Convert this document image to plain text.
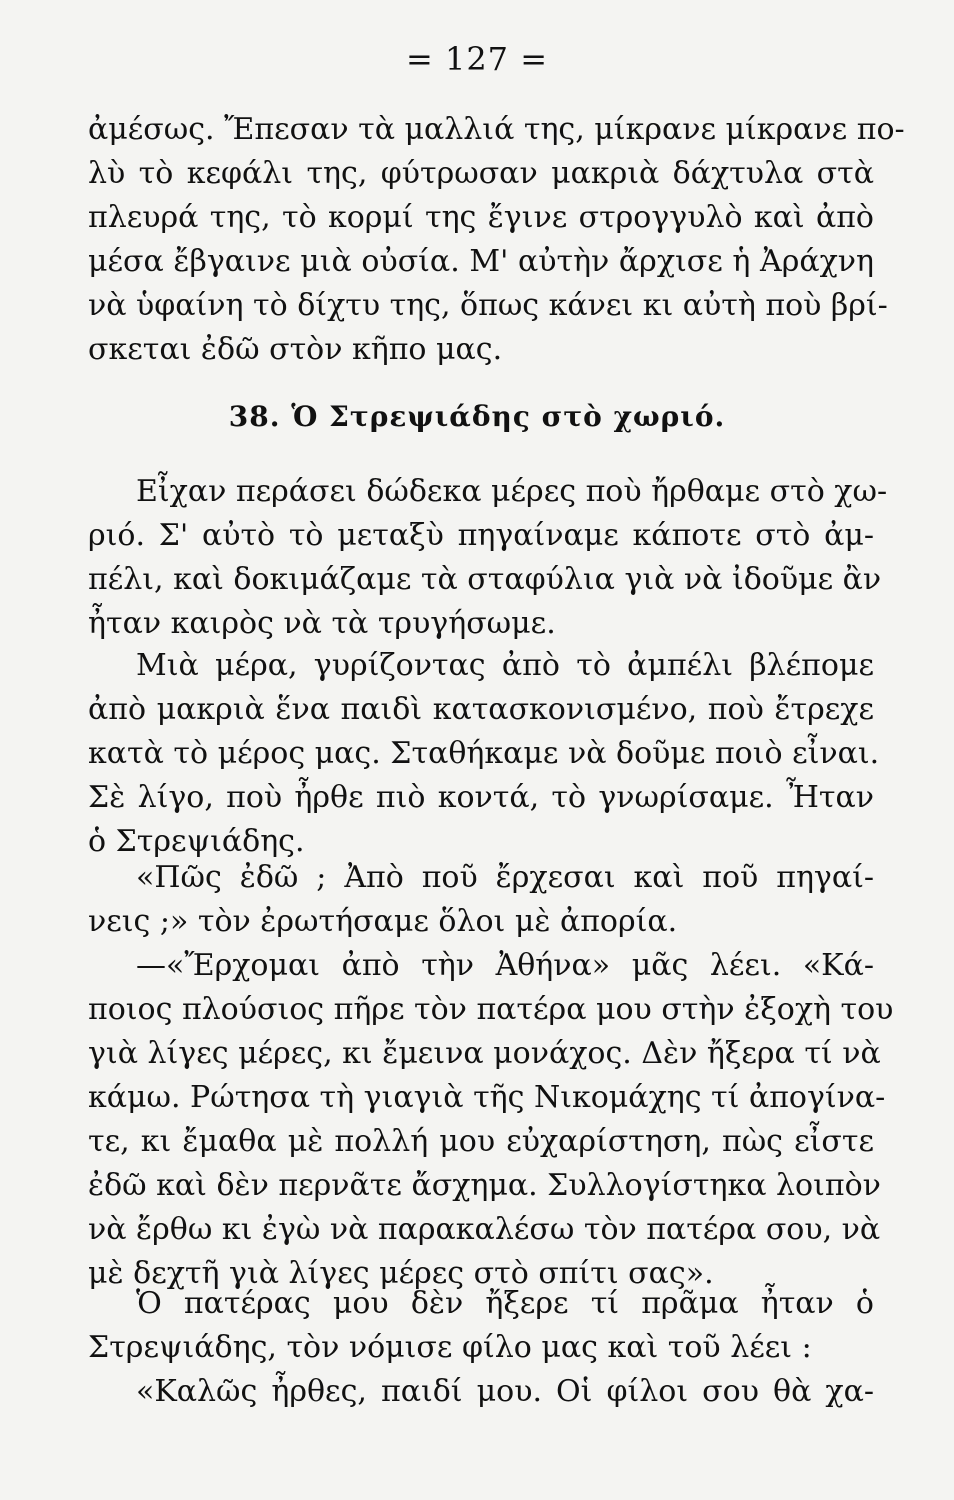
= 127 =
ἀμέσως. Ἔπεσαν τὰ μαλλιά της, μίκρανε μίκρανε πο-
λὺ τὸ κεφάλι της, φύτρωσαν μακριὰ δάχτυλα στὰ
πλευρά της, τὸ κορμί της ἔγινε στρογγυλὸ καὶ ἀπὸ
μέσα ἔβγαινε μιὰ οὐσία. Μ' αὐτὴν ἄρχισε ἡ Ἀράχνη
νὰ ὑφαίνη τὸ δίχτυ της, ὅπως κάνει κι αὐτὴ ποὺ βρί-
σκεται ἐδῶ στὸν κῆπο μας.
38. Ὁ Στρεψιάδης στὸ χωριό.
Εἶχαν περάσει δώδεκα μέρες ποὺ ἤρθαμε στὸ χω-
ριό. Σ' αὐτὸ τὸ μεταξὺ πηγαίναμε κάποτε στὸ ἀμ-
πέλι, καὶ δοκιμάζαμε τὰ σταφύλια γιὰ νὰ ἰδοῦμε ἂν
ἦταν καιρὸς νὰ τὰ τρυγήσωμε.
Μιὰ μέρα, γυρίζοντας ἀπὸ τὸ ἀμπέλι βλέπομε
ἀπὸ μακριὰ ἕνα παιδὶ κατασκονισμένο, ποὺ ἔτρεχε
κατὰ τὸ μέρος μας. Σταθήκαμε νὰ δοῦμε ποιὸ εἶναι.
Σὲ λίγο, ποὺ ἦρθε πιὸ κοντά, τὸ γνωρίσαμε. Ἦταν
ὁ Στρεψιάδης.
«Πῶς ἐδῶ ; Ἀπὸ ποῦ ἔρχεσαι καὶ ποῦ πηγαί-
νεις ;» τὸν ἐρωτήσαμε ὅλοι μὲ ἀπορία.
—«Ἔρχομαι ἀπὸ τὴν Ἀθήνα» μᾶς λέει. «Κά-
ποιος πλούσιος πῆρε τὸν πατέρα μου στὴν ἐξοχὴ του
γιὰ λίγες μέρες, κι ἔμεινα μονάχος. Δὲν ἤξερα τί νὰ
κάμω. Ρώτησα τὴ γιαγιὰ τῆς Νικομάχης τί ἀπογίνα-
τε, κι ἔμαθα μὲ πολλή μου εὐχαρίστηση, πὼς εἶστε
ἐδῶ καὶ δὲν περνᾶτε ἄσχημα. Συλλογίστηκα λοιπὸν
νὰ ἔρθω κι ἐγὼ νὰ παρακαλέσω τὸν πατέρα σου, νὰ
μὲ δεχτῆ γιὰ λίγες μέρες στὸ σπίτι σας».
Ὁ πατέρας μου δὲν ἤξερε τί πρᾶμα ἦταν ὁ
Στρεψιάδης, τὸν νόμισε φίλο μας καὶ τοῦ λέει :
«Καλῶς ἦρθες, παιδί μου. Οἱ φίλοι σου θὰ χα-
